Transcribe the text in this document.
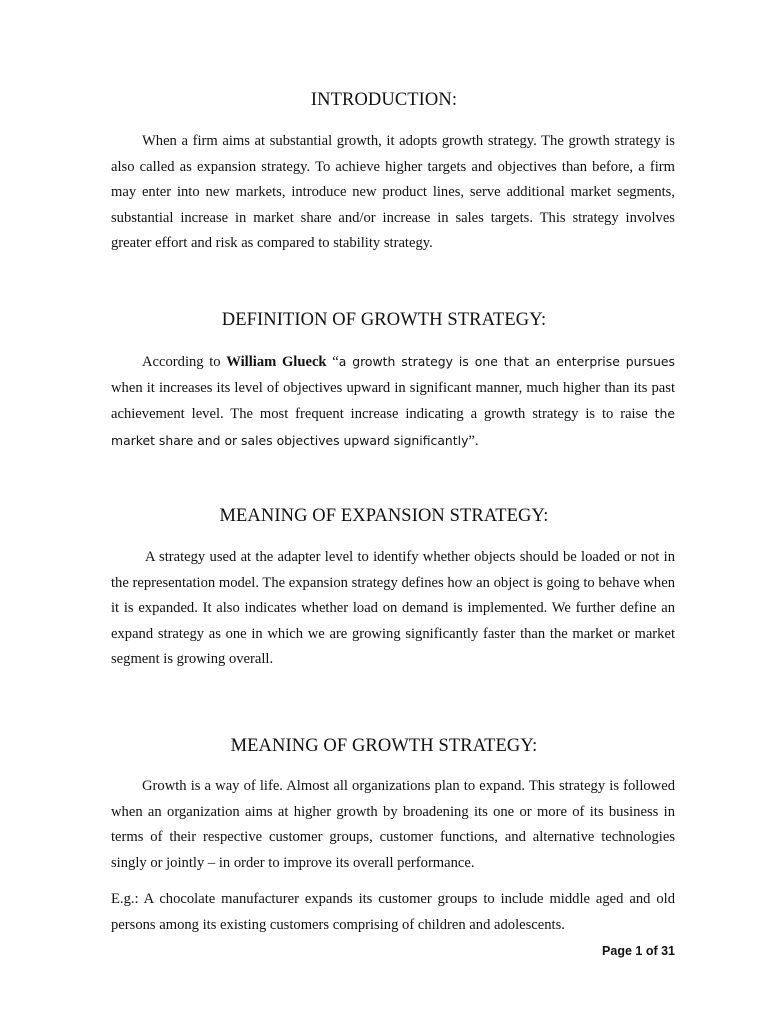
INTRODUCTION:

When a firm aims at substantial growth, it adopts growth strategy. The growth strategy is also called as expansion strategy. To achieve higher targets and objectives than before, a firm may enter into new markets, introduce new product lines, serve additional market segments, substantial increase in market share and/or increase in sales targets. This strategy involves greater effort and risk as compared to stability strategy.

DEFINITION OF GROWTH STRATEGY:

According to William Glueck “a growth strategy is one that an enterprise pursues when it increases its level of objectives upward in significant manner, much higher than its past achievement level. The most frequent increase indicating a growth strategy is to raise the market share and or sales objectives upward significantly”.

MEANING OF EXPANSION STRATEGY:

A strategy used at the adapter level to identify whether objects should be loaded or not in the representation model. The expansion strategy defines how an object is going to behave when it is expanded. It also indicates whether load on demand is implemented. We further define an expand strategy as one in which we are growing significantly faster than the market or market segment is growing overall.

MEANING OF GROWTH STRATEGY:

Growth is a way of life. Almost all organizations plan to expand. This strategy is followed when an organization aims at higher growth by broadening its one or more of its business in terms of their respective customer groups, customer functions, and alternative technologies singly or jointly – in order to improve its overall performance.

E.g.: A chocolate manufacturer expands its customer groups to include middle aged and old persons among its existing customers comprising of children and adolescents.

Page 1 of 31
